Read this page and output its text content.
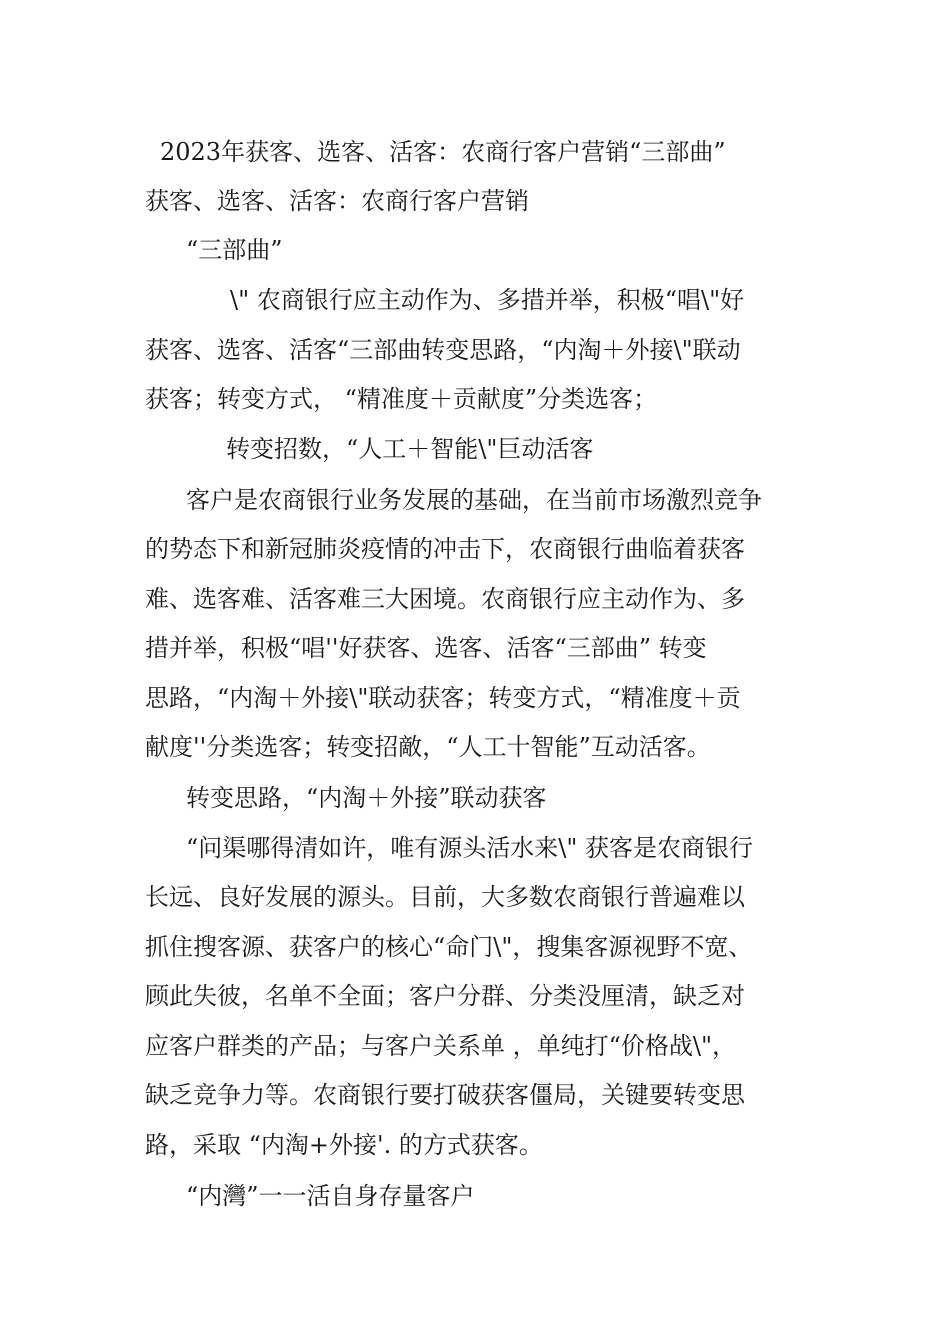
2023年获客、选客、活客：农商行客户营销“三部曲”
获客、选客、活客：农商行客户营销
“三部曲”
\" 农商银行应主动作为、多措并举，积极“唱\"好
获客、选客、活客“三部曲转变思路，“内淘＋外接\"联动
获客；转变方式， “精准度＋贡献度”分类选客；
转变招数，“人工＋智能\"巨动活客
客户是农商银行业务发展的基础，在当前市场激烈竞争
的势态下和新冠肺炎疫情的冲击下，农商银行曲临着获客
难、选客难、活客难三大困境。农商银行应主动作为、多
措并举，积极“唱''好获客、选客、活客“三部曲” 转变
思路，“内淘＋外接\"联动获客；转变方式，“精准度＋贡
献度''分类选客；转变招敵，“人工十智能”互动活客。
转变思路，“内淘＋外接”联动获客
“问渠哪得清如许，唯有源头活水来\" 获客是农商银行
长远、良好发展的源头。目前，大多数农商银行普遍难以
抓住搜客源、获客户的核心“命门\"，搜集客源视野不宽、
顾此失彼，名单不全面；客户分群、分类没厘清，缺乏对
应客户群类的产品；与客户关系单 ，单纯打“价格战\"，
缺乏竞争力等。农商银行要打破获客僵局，关键要转变思
路，采取 “内淘+外接'. 的方式获客。
“内灣”一一活自身存量客户
